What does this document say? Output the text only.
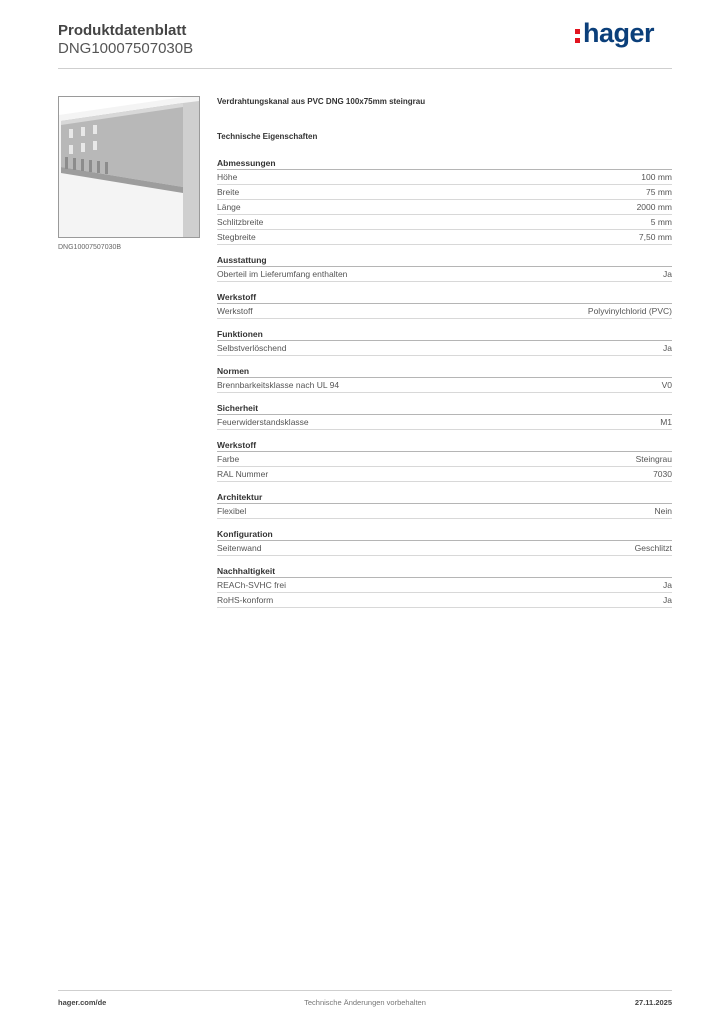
Produktdatenblatt
DNG10007507030B
hager
DNG10007507030B
Verdrahtungskanal aus PVC DNG 100x75mm steingrau
Technische Eigenschaften
Abmessungen
Höhe	100 mm
Breite	75 mm
Länge	2000 mm
Schlitzbreite	5 mm
Stegbreite	7,50 mm
Ausstattung
Oberteil im Lieferumfang enthalten	Ja
Werkstoff
Werkstoff	Polyvinylchlorid (PVC)
Funktionen
Selbstverlöschend	Ja
Normen
Brennbarkeitsklasse nach UL 94	V0
Sicherheit
Feuerwiderstandsklasse	M1
Werkstoff
Farbe	Steingrau
RAL Nummer	7030
Architektur
Flexibel	Nein
Konfiguration
Seitenwand	Geschlitzt
Nachhaltigkeit
REACh-SVHC frei	Ja
RoHS-konform	Ja
hager.com/de	Technische Änderungen vorbehalten	27.11.2025
